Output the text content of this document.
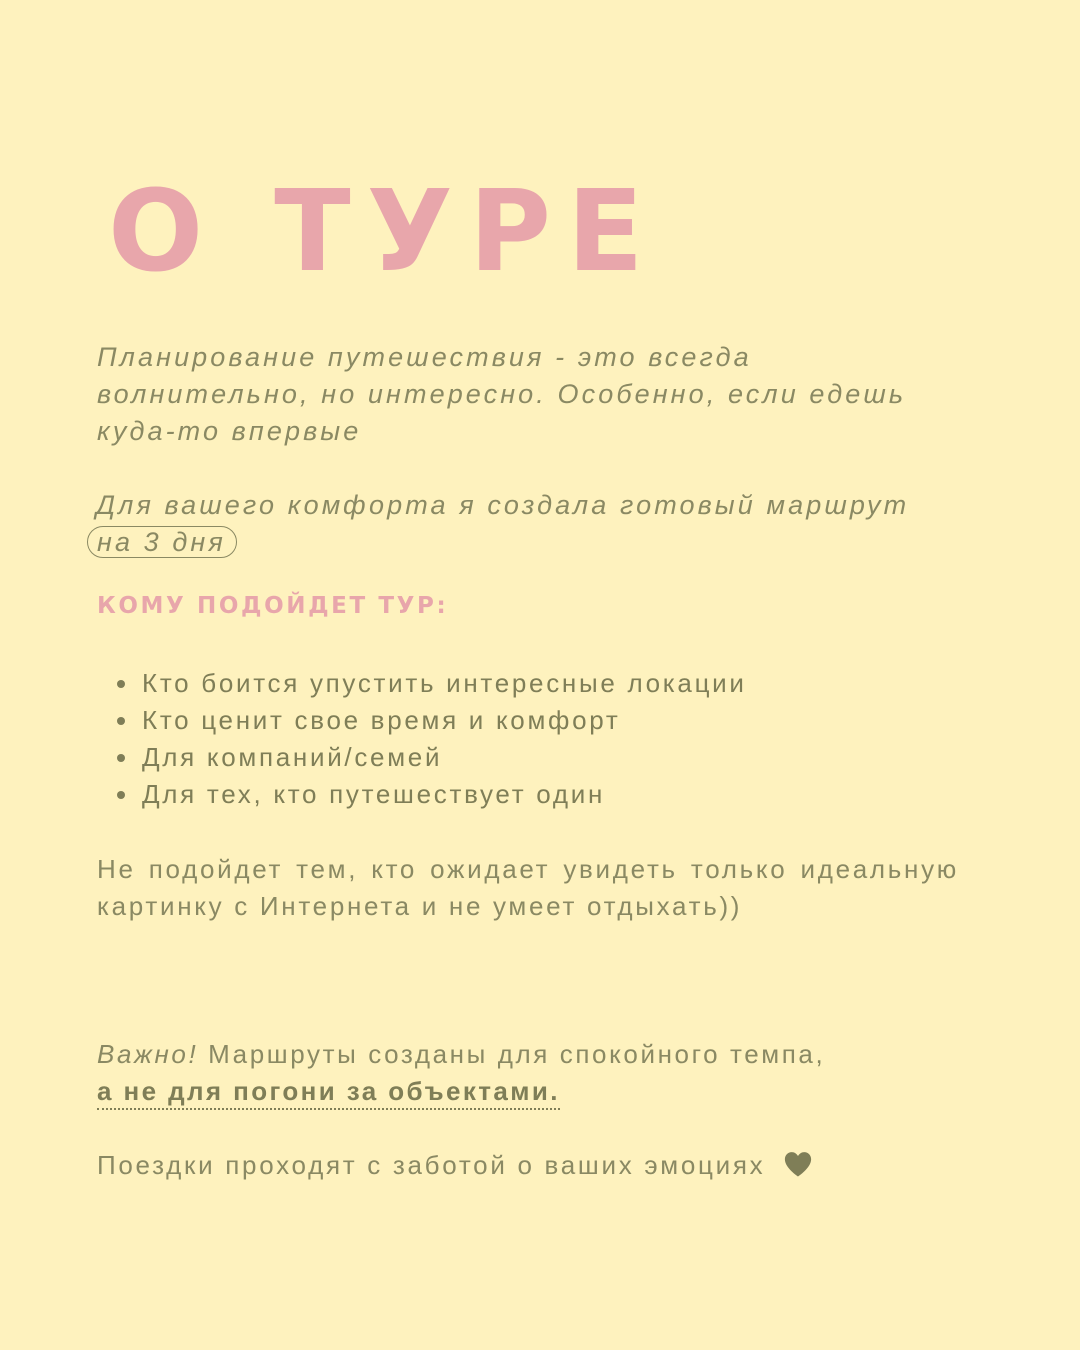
О ТУРЕ

Планирование путешествия - это всегда волнительно, но интересно. Особенно, если едешь куда-то впервые

Для вашего комфорта я создала готовый маршрут
на 3 дня

КОМУ ПОДОЙДЕТ ТУР:
Кто боится упустить интересные локации
Кто ценит свое время и комфорт
Для компаний/семей
Для тех, кто путешествует один

Не подойдет тем, кто ожидает увидеть только идеальную картинку с Интернета и не умеет отдыхать))

Важно! Маршруты созданы для спокойного темпа,
а не для погони за объектами.

Поездки проходят с заботой о ваших эмоциях
